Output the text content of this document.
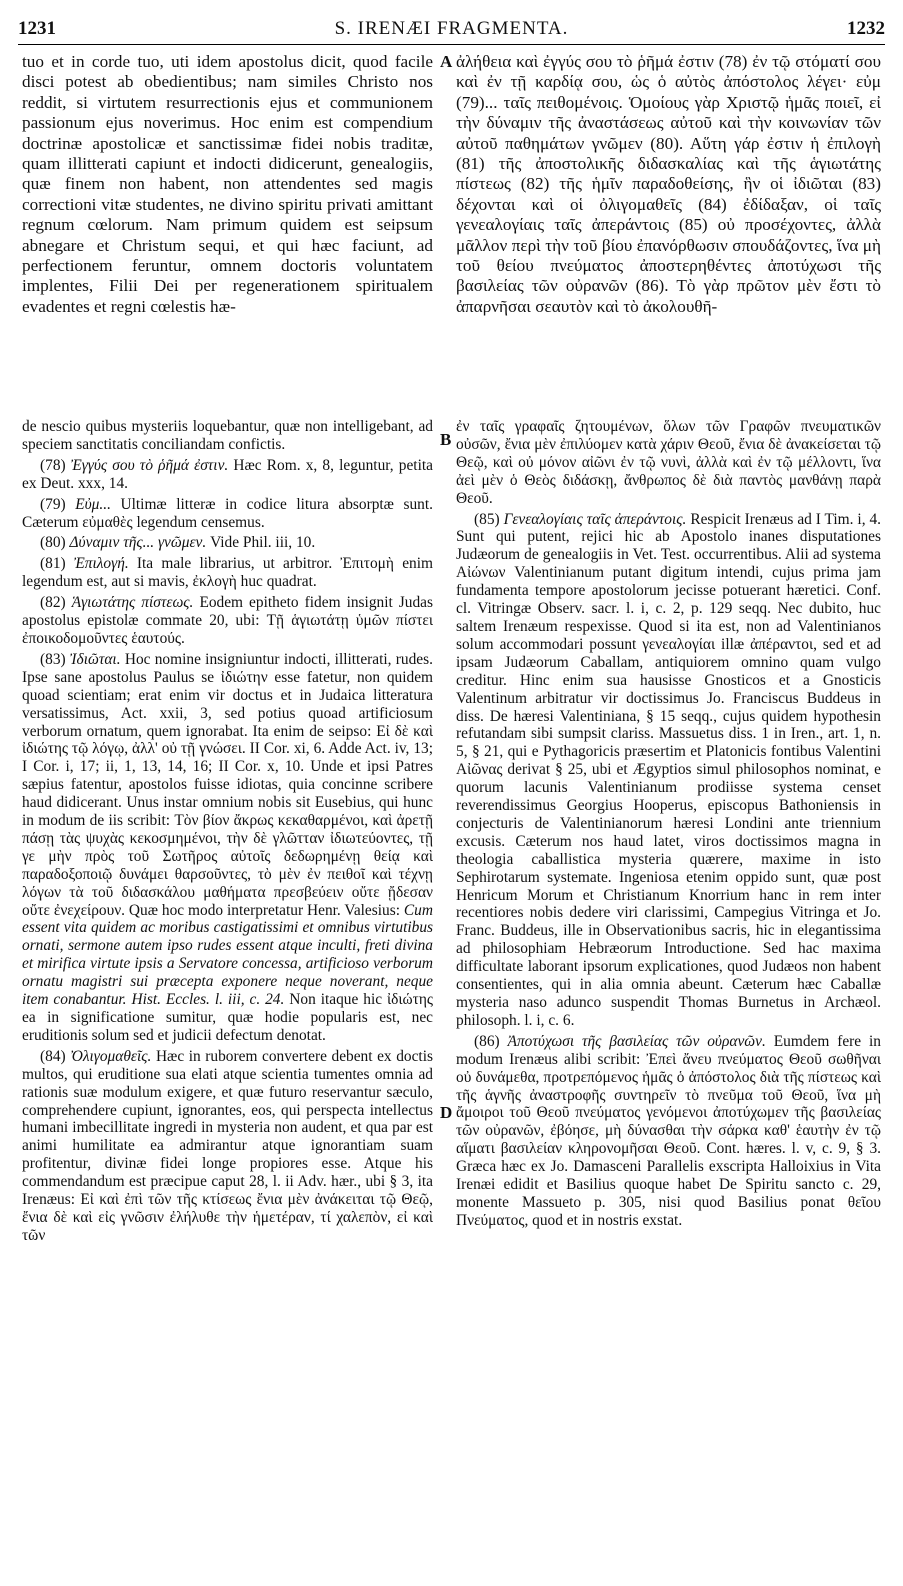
1231	S. IRENÆI FRAGMENTA.	1232
A
B
D

tuo et in corde tuo, uti idem apostolus dicit, quod facile disci potest ab obedientibus; nam similes Christo nos reddit, si virtutem resurrectionis ejus et communionem passionum ejus noverimus. Hoc enim est compendium doctrinæ apostolicæ et sanctissimæ fidei nobis traditæ, quam illitterati capiunt et indocti didicerunt, genealogiis, quæ finem non habent, non attendentes sed magis correctioni vitæ studentes, ne divino spiritu privati amittant regnum cœlorum. Nam primum quidem est seipsum abnegare et Christum sequi, et qui hæc faciunt, ad perfectionem feruntur, omnem doctoris voluntatem implentes, Filii Dei per regenerationem spiritualem evadentes et regni cœlestis hæ-

ἀλήθεια καὶ ἐγγύς σου τὸ ῥῆμά ἐστιν (78) ἐν τῷ στόματί σου καὶ ἐν τῇ καρδίᾳ σου, ὡς ὁ αὐτὸς ἀπόστολος λέγει· εὐμ (79)... ταῖς πειθομένοις. Ὁμοίους γὰρ Χριστῷ ἡμᾶς ποιεῖ, εἰ τὴν δύναμιν τῆς ἀναστάσεως αὐτοῦ καὶ τὴν κοινωνίαν τῶν αὐτοῦ παθημάτων γνῶμεν (80). Αὕτη γάρ ἐστιν ἡ ἐπιλογὴ (81) τῆς ἀποστολικῆς διδασκαλίας καὶ τῆς ἁγιωτάτης πίστεως (82) τῆς ἡμῖν παραδοθείσης, ἣν οἱ ἰδιῶται (83) δέχονται καὶ οἱ ὀλιγομαθεῖς (84) ἐδίδαξαν, οἱ ταῖς γενεαλογίαις ταῖς ἀπεράντοις (85) οὐ προσέχοντες, ἀλλὰ μᾶλλον περὶ τὴν τοῦ βίου ἐπανόρθωσιν σπουδάζοντες, ἵνα μὴ τοῦ θείου πνεύματος ἀποστερηθέντες ἀποτύχωσι τῆς βασιλείας τῶν οὐρανῶν (86). Τὸ γὰρ πρῶτον μὲν ἔστι τὸ ἀπαρνῆσαι σεαυτὸν καὶ τὸ ἀκολουθῆ-

de nescio quibus mysteriis loquebantur, quæ non intelligebant, ad speciem sanctitatis conciliandam confictis.

(78) Ἐγγύς σου τὸ ῥῆμά ἐστιν. Hæc Rom. x, 8, leguntur, petita ex Deut. xxx, 14.

(79) Εὐμ... Ultimæ litteræ in codice litura absorptæ sunt. Cæterum εὐμαθὲς legendum censemus.

(80) Δύναμιν τῆς... γνῶμεν. Vide Phil. iii, 10.

(81) Ἐπιλογή. Ita male librarius, ut arbitror. Ἐπιτομὴ enim legendum est, aut si mavis, ἐκλογὴ huc quadrat.

(82) Ἁγιωτάτης πίστεως. Eodem epitheto fidem insignit Judas apostolus epistolæ commate 20, ubi: Τῇ ἁγιωτάτῃ ὑμῶν πίστει ἐποικοδομοῦντες ἑαυτούς.

(83) Ἰδιῶται. Hoc nomine insigniuntur indocti, illitterati, rudes. Ipse sane apostolus Paulus se ἰδιώτην esse fatetur, non quidem quoad scientiam; erat enim vir doctus et in Judaica litteratura versatissimus, Act. xxii, 3, sed potius quoad artificiosum verborum ornatum, quem ignorabat. Ita enim de seipso: Εἰ δὲ καὶ ἰδιώτης τῷ λόγῳ, ἀλλ' οὐ τῇ γνώσει. II Cor. xi, 6. Adde Act. iv, 13; I Cor. i, 17; ii, 1, 13, 14, 16; II Cor. x, 10. Unde et ipsi Patres sæpius fatentur, apostolos fuisse idiotas, quia concinne scribere haud didicerant. Unus instar omnium nobis sit Eusebius, qui hunc in modum de iis scribit: Τὸν βίον ἄκρως κεκαθαρμένοι, καὶ ἀρετῇ πάσῃ τὰς ψυχὰς κεκοσμημένοι, τὴν δὲ γλῶτταν ἰδιωτεύοντες, τῇ γε μὴν πρὸς τοῦ Σωτῆρος αὐτοῖς δεδωρημένῃ θείᾳ καὶ παραδοξοποιῷ δυνάμει θαρσοῦντες, τὸ μὲν ἐν πειθοῖ καὶ τέχνῃ λόγων τὰ τοῦ διδασκάλου μαθήματα πρεσβεύειν οὔτε ᾔδεσαν οὔτε ἐνεχείρουν. Quæ hoc modo interpretatur Henr. Valesius: Cum essent vita quidem ac moribus castigatissimi et omnibus virtutibus ornati, sermone autem ipso rudes essent atque inculti, freti divina et mirifica virtute ipsis a Servatore concessa, artificioso verborum ornatu magistri sui præcepta exponere neque noverant, neque item conabantur. Hist. Eccles. l. iii, c. 24. Non itaque hic ἰδιώτης ea in significatione sumitur, quæ hodie popularis est, nec eruditionis solum sed et judicii defectum denotat.

(84) Ὀλιγομαθεῖς. Hæc in ruborem convertere debent ex doctis multos, qui eruditione sua elati atque scientia tumentes omnia ad rationis suæ modulum exigere, et quæ futuro reservantur sæculo, comprehendere cupiunt, ignorantes, eos, qui perspecta intellectus humani imbecillitate ingredi in mysteria non audent, et qua par est animi humilitate ea admirantur atque ignorantiam suam profitentur, divinæ fidei longe propiores esse. Atque his commendandum est præcipue caput 28, l. ii Adv. hær., ubi § 3, ita Irenæus: Εἰ καὶ ἐπὶ τῶν τῆς κτίσεως ἔνια μὲν ἀνάκειται τῷ Θεῷ, ἔνια δὲ καὶ εἰς γνῶσιν ἐλήλυθε τὴν ἡμετέραν, τί χαλεπὸν, εἰ καὶ τῶν

ἐν ταῖς γραφαῖς ζητουμένων, ὅλων τῶν Γραφῶν πνευματικῶν οὐσῶν, ἔνια μὲν ἐπιλύομεν κατὰ χάριν Θεοῦ, ἔνια δὲ ἀνακείσεται τῷ Θεῷ, καὶ οὐ μόνον αἰῶνι ἐν τῷ νυνὶ, ἀλλὰ καὶ ἐν τῷ μέλλοντι, ἵνα ἀεὶ μὲν ὁ Θεὸς διδάσκῃ, ἄνθρωπος δὲ διὰ παντὸς μανθάνῃ παρὰ Θεοῦ.

(85) Γενεαλογίαις ταῖς ἀπεράντοις. Respicit Irenæus ad I Tim. i, 4. Sunt qui putent, rejici hic ab Apostolo inanes disputationes Judæorum de genealogiis in Vet. Test. occurrentibus. Alii ad systema Αἰώνων Valentinianum putant digitum intendi, cujus prima jam fundamenta tempore apostolorum jecisse potuerant hæretici. Conf. cl. Vitringæ Observ. sacr. l. i, c. 2, p. 129 seqq. Nec dubito, huc saltem Irenæum respexisse. Quod si ita est, non ad Valentinianos solum accommodari possunt γενεαλογίαι illæ ἀπέραντοι, sed et ad ipsam Judæorum Caballam, antiquiorem omnino quam vulgo creditur. Hinc enim sua hausisse Gnosticos et a Gnosticis Valentinum arbitratur vir doctissimus Jo. Franciscus Buddeus in diss. De hæresi Valentiniana, § 15 seqq., cujus quidem hypothesin refutandam sibi sumpsit clariss. Massuetus diss. 1 in Iren., art. 1, n. 5, § 21, qui e Pythagoricis præsertim et Platonicis fontibus Valentini Αἰῶνας derivat § 25, ubi et Ægyptios simul philosophos nominat, e quorum lacunis Valentinianum prodiisse systema censet reverendissimus Georgius Hooperus, episcopus Bathoniensis in conjecturis de Valentinianorum hæresi Londini ante triennium excusis. Cæterum nos haud latet, viros doctissimos magna in theologia caballistica mysteria quærere, maxime in isto Sephirotarum systemate. Ingeniosa etenim oppido sunt, quæ post Henricum Morum et Christianum Knorrium hanc in rem inter recentiores nobis dedere viri clarissimi, Campegius Vitringa et Jo. Franc. Buddeus, ille in Observationibus sacris, hic in elegantissima ad philosophiam Hebræorum Introductione. Sed hac maxima difficultate laborant ipsorum explicationes, quod Judæos non habent consentientes, qui in alia omnia abeunt. Cæterum hæc Caballæ mysteria naso adunco suspendit Thomas Burnetus in Archæol. philosoph. l. i, c. 6.

(86) Ἀποτύχωσι τῆς βασιλείας τῶν οὐρανῶν. Eumdem fere in modum Irenæus alibi scribit: Ἐπεὶ ἄνευ πνεύματος Θεοῦ σωθῆναι οὐ δυνάμεθα, προτρεπόμενος ἡμᾶς ὁ ἀπόστολος διὰ τῆς πίστεως καὶ τῆς ἁγνῆς ἀναστροφῆς συντηρεῖν τὸ πνεῦμα τοῦ Θεοῦ, ἵνα μὴ ἄμοιροι τοῦ Θεοῦ πνεύματος γενόμενοι ἀποτύχωμεν τῆς βασιλείας τῶν οὐρανῶν, ἐβόησε, μὴ δύνασθαι τὴν σάρκα καθ' ἑαυτὴν ἐν τῷ αἵματι βασιλείαν κληρονομῆσαι Θεοῦ. Cont. hæres. l. v, c. 9, § 3. Græca hæc ex Jo. Damasceni Parallelis exscripta Halloixius in Vita Irenæi edidit et Basilius quoque habet De Spiritu sancto c. 29, monente Massueto p. 305, nisi quod Basilius ponat θεῖου Πνεύματος, quod et in nostris exstat.
